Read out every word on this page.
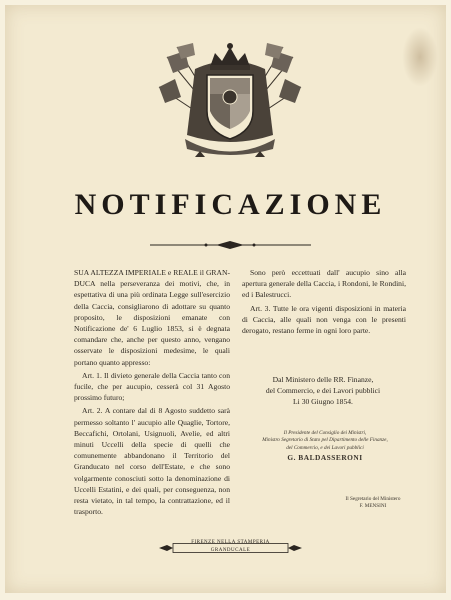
NOTIFICAZIONE

SUA ALTEZZA IMPERIALE e REALE il GRAN-DUCA nella perseveranza dei motivi, che, in espettativa di una più ordinata Legge sull'esercizio della Caccia, consigliarono di adottare su quanto proposito, le disposizioni emanate con Notificazione de' 6 Luglio 1853, si è degnata comandare che, anche per questo anno, vengano osservate le disposizioni medesime, le quali portano quanto appresso:

Art. 1. Il divieto generale della Caccia tanto con fucile, che per aucupio, cesserà col 31 Agosto prossimo futuro;

Art. 2. A contare dal di 8 Agosto suddetto sarà permesso soltanto l' aucupio alle Quaglie, Tortore, Beccafichi, Ortolani, Usignuoli, Avelie, ed altri minuti Uccelli della specie di quelli che comunemente abbandonano il Territorio del Granducato nel corso dell'Estate, e che sono volgarmente conosciuti sotto la denominazione di Uccelli Estatini, e dei quali, per conseguenza, non resta vietato, in tal tempo, la contrattazione, ed il trasporto.

Sono però eccettuati dall' aucupio sino alla apertura generale della Caccia, i Rondoni, le Rondini, ed i Balestrucci.

Art. 3. Tutte le ora vigenti disposizioni in materia di Caccia, alle quali non venga con le presenti derogato, restano ferme in ogni loro parte.

Dal Ministero delle RR. Finanze,
del Commercio, e dei Lavori pubblici
Li 30 Giugno 1854.
Il Presidente del Consiglio dei Ministri,
Ministro Segretario di Stato pel Dipartimento delle Finanze,
del Commercio, e dei Lavori pubblici
G. BALDASSERONI
Il Segretario del Ministero
F. MENSINI
FIRENZE NELLA STAMPERIA GRANDUCALE
